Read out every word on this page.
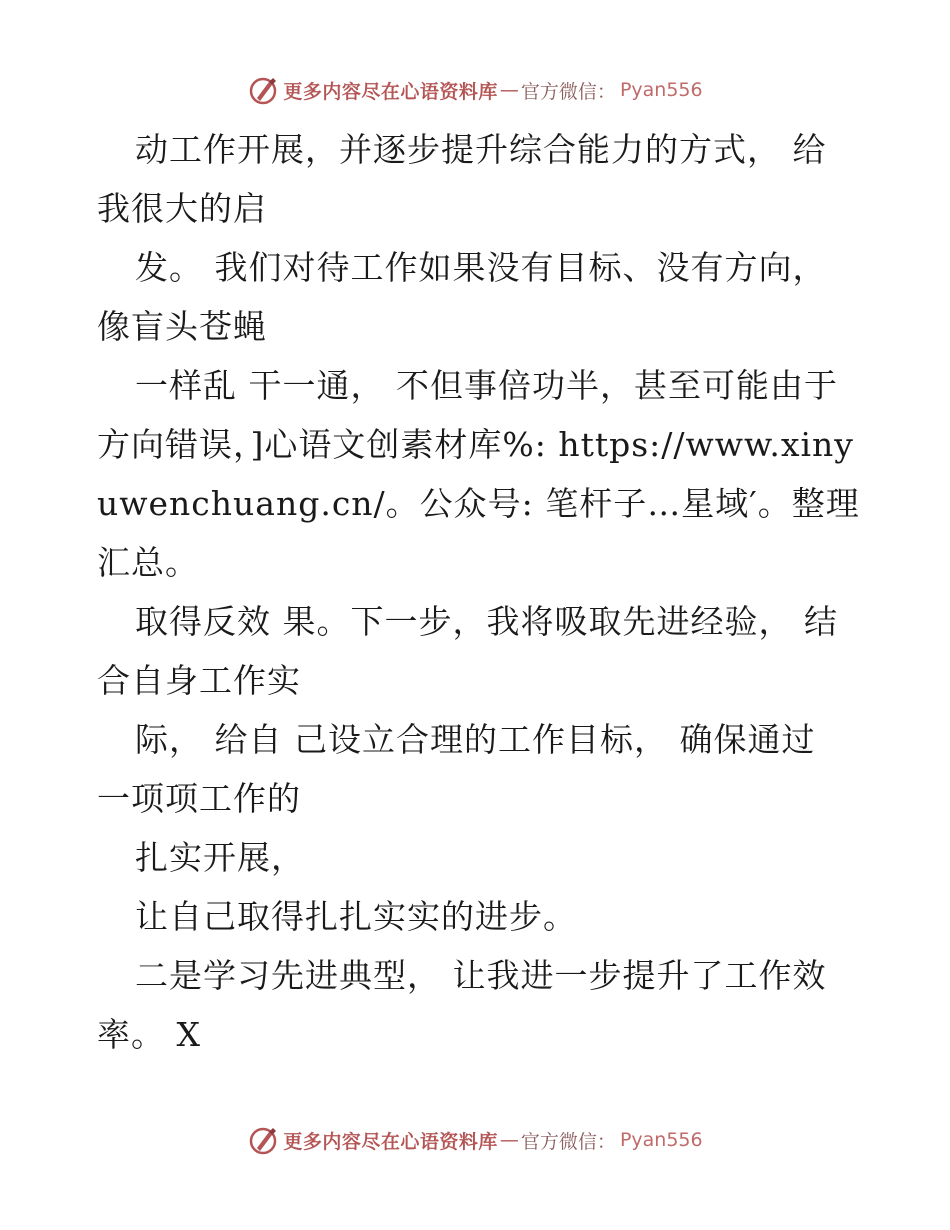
更多内容尽在心语资料库 — 官方微信： Pyan556
动工作开展，并逐步提升综合能力的方式， 给
我很大的启
发。 我们对待工作如果没有目标、没有方向，
像盲头苍蝇
一样乱 干一通， 不但事倍功半，甚至可能由于
方向错误，]心语文创素材库%: https://www.xiny
uwenchuang.cn/。公众号: 笔杆子…星域′。整理
汇总。
取得反效 果。下一步，我将吸取先进经验， 结
合自身工作实
际， 给自 己设立合理的工作目标， 确保通过
一项项工作的
扎实开展，
让自己取得扎扎实实的进步。
二是学习先进典型， 让我进一步提升了工作效
率。 X
更多内容尽在心语资料库 — 官方微信： Pyan556
